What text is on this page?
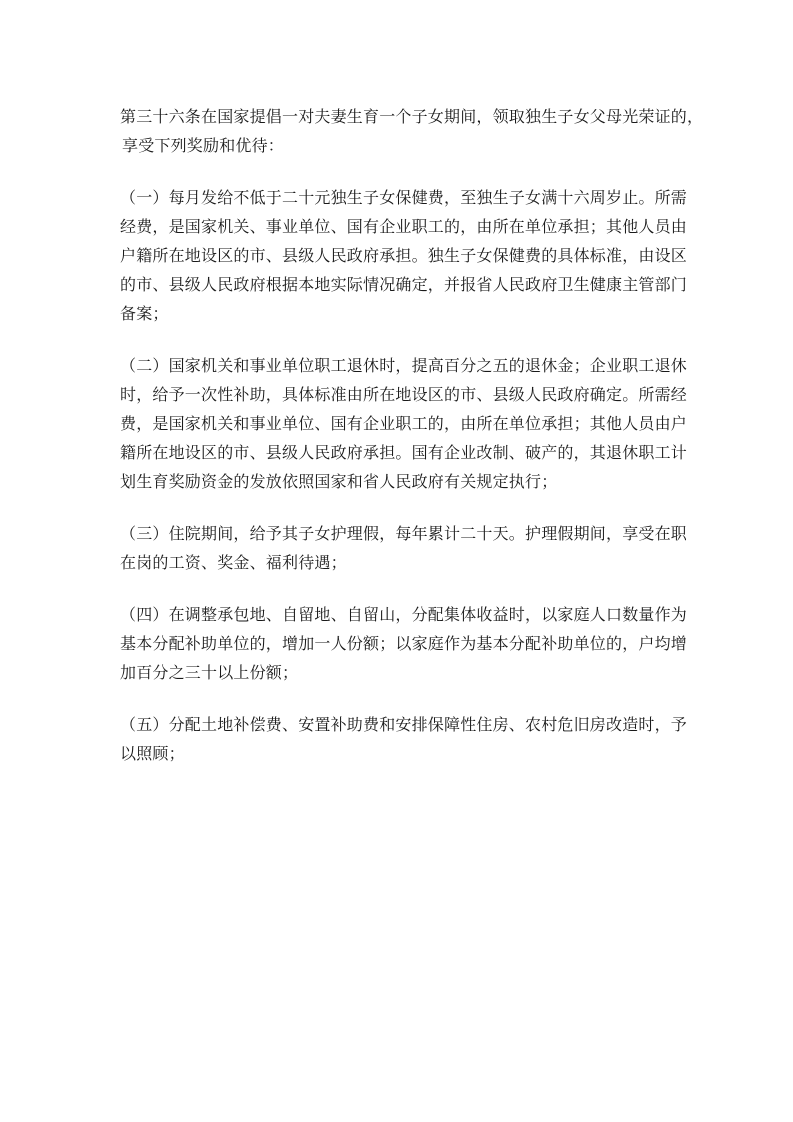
第三十六条在国家提倡一对夫妻生育一个子女期间，领取独生子女父母光荣证的，
享受下列奖励和优待：

（一）每月发给不低于二十元独生子女保健费，至独生子女满十六周岁止。所需
经费，是国家机关、事业单位、国有企业职工的，由所在单位承担；其他人员由
户籍所在地设区的市、县级人民政府承担。独生子女保健费的具体标准，由设区
的市、县级人民政府根据本地实际情况确定，并报省人民政府卫生健康主管部门
备案；

（二）国家机关和事业单位职工退休时，提高百分之五的退休金；企业职工退休
时，给予一次性补助，具体标准由所在地设区的市、县级人民政府确定。所需经
费，是国家机关和事业单位、国有企业职工的，由所在单位承担；其他人员由户
籍所在地设区的市、县级人民政府承担。国有企业改制、破产的，其退休职工计
划生育奖励资金的发放依照国家和省人民政府有关规定执行；

（三）住院期间，给予其子女护理假，每年累计二十天。护理假期间，享受在职
在岗的工资、奖金、福利待遇；

（四）在调整承包地、自留地、自留山，分配集体收益时，以家庭人口数量作为
基本分配补助单位的，增加一人份额；以家庭作为基本分配补助单位的，户均增
加百分之三十以上份额；

（五）分配土地补偿费、安置补助费和安排保障性住房、农村危旧房改造时，予
以照顾；
